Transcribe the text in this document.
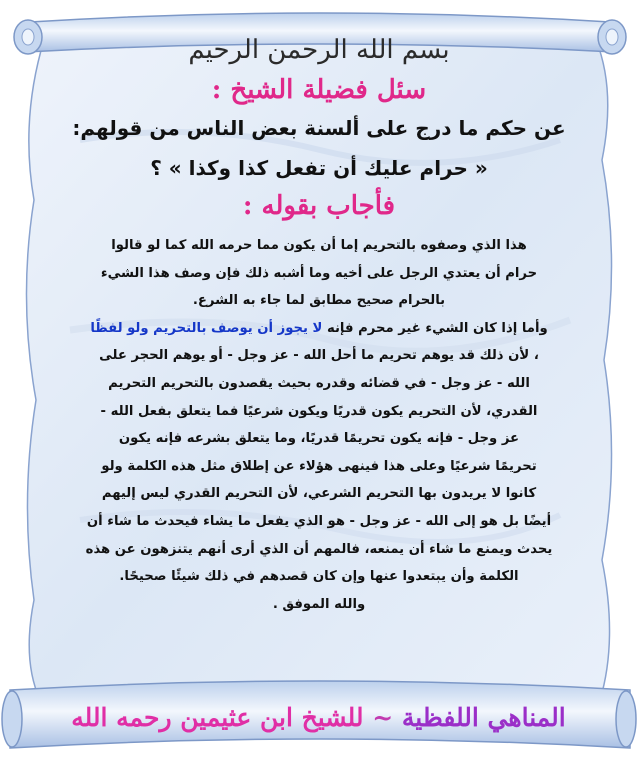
بسم الله الرحمن الرحيم
سئل فضيلة الشيخ :
عن حكم ما درج على ألسنة بعض الناس من قولهم:
« حرام عليك أن تفعل كذا وكذا » ؟
فأجاب بقوله :
هذا الذي وصفوه بالتحريم إما أن يكون مما حرمه الله كما لو قالوا
حرام أن يعتدي الرجل على أخيه وما أشبه ذلك فإن وصف هذا الشيء
بالحرام صحيح مطابق لما جاء به الشرع.
وأما إذا كان الشيء غير محرم فإنه لا يجوز أن يوصف بالتحريم ولو لفظًا
، لأن ذلك قد يوهم تحريم ما أحل الله - عز وجل - أو يوهم الحجر على
الله - عز وجل - في قضائه وقدره بحيث يقصدون بالتحريم التحريم
القدري، لأن التحريم يكون قدريًا ويكون شرعيًا فما يتعلق بفعل الله -
عز وجل - فإنه يكون تحريمًا قدريًا، وما يتعلق بشرعه فإنه يكون
تحريمًا شرعيًا وعلى هذا فينهى هؤلاء عن إطلاق مثل هذه الكلمة ولو
كانوا لا يريدون بها التحريم الشرعي، لأن التحريم القدري ليس إليهم
أيضًا بل هو إلى الله - عز وجل - هو الذي يفعل ما يشاء فيحدث ما شاء أن
يحدث ويمنع ما شاء أن يمنعه، فالمهم أن الذي أرى أنهم يتنزهون عن هذه
الكلمة وأن يبتعدوا عنها وإن كان قصدهم في ذلك شيئًا صحيحًا.
والله الموفق .
المناهي اللفظية ~ للشيخ ابن عثيمين رحمه الله
